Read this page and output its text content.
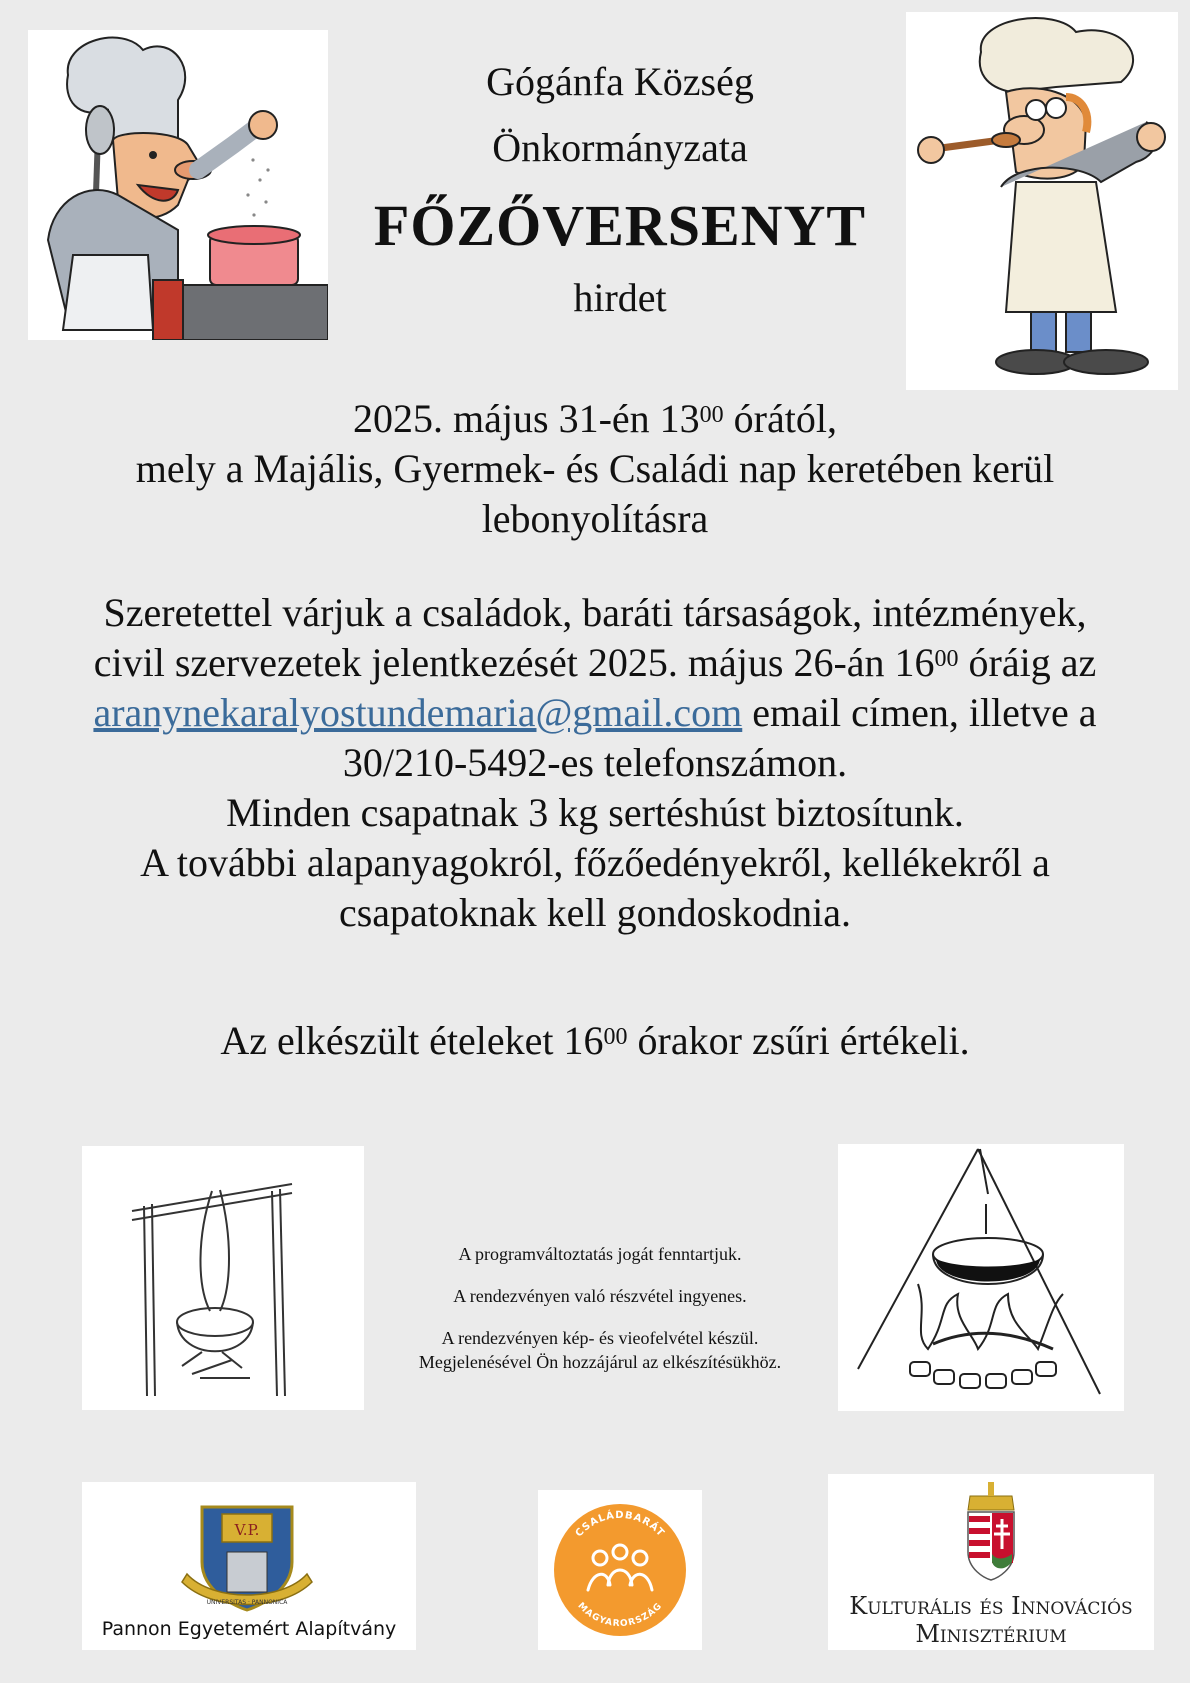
Gógánfa Község
Önkormányzata
FŐZŐVERSENYT
hirdet
2025. május 31-én $13^{00}$ órától,
mely a Majális, Gyermek- és Családi nap keretében kerül
lebonyolításra
Szeretettel várjuk a családok, baráti társaságok, intézmények,
civil szervezetek jelentkezését 2025. május 26-án $16^{00}$ óráig az
aranynekaralyostundemaria@gmail.com email címen, illetve a
30/210-5492-es telefonszámon.
Minden csapatnak 3 kg sertéshúst biztosítunk.
A további alapanyagokról, főzőedényekről, kellékekről a
csapatoknak kell gondoskodnia.
Az elkészült ételeket $16^{00}$ órakor zsűri értékeli.

A programváltoztatás jogát fenntartjuk.

A rendezvényen való részvétel ingyenes.

A rendezvényen kép- és vieofelvétel készül.
Megjelenésével Ön hozzájárul az elkészítésükhöz.

V.P.
UNIVERSITAS · PANNONICA
Pannon Egyetemért Alapítvány
CSALÁDBARÁT
MAGYARORSZÁG	Kulturális és Innovációs
Minisztérium
